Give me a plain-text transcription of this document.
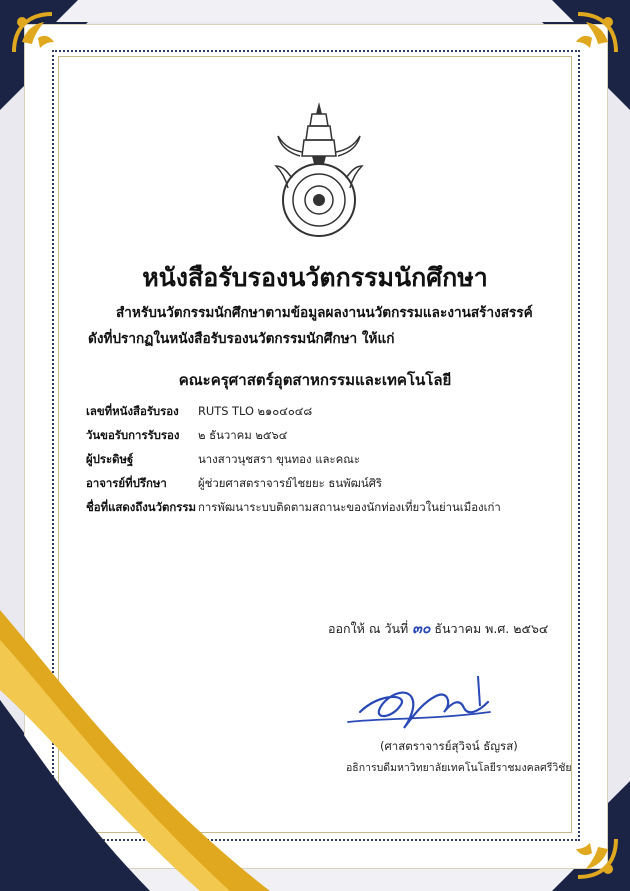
หนังสือรับรองนวัตกรรมนักศึกษา
สำหรับนวัตกรรมนักศึกษาตามข้อมูลผลงานนวัตกรรมและงานสร้างสรรค์
ดังที่ปรากฏในหนังสือรับรองนวัตกรรมนักศึกษา ให้แก่
คณะครุศาสตร์อุตสาหกรรมและเทคโนโลยี
เลขที่หนังสือรับรอง RUTS TLO ๒๑๐๔๐๔๘
วันขอรับการรับรอง ๒ ธันวาคม ๒๕๖๔
ผู้ประดิษฐ์	นางสาวนุชสรา ขุนทอง และคณะ
อาจารย์ที่ปรึกษา	ผู้ช่วยศาสตราจารย์ไชยยะ ธนพัฒน์ศิริ
ชื่อที่แสดงถึงนวัตกรรม การพัฒนาระบบติดตามสถานะของนักท่องเที่ยวในย่านเมืองเก่า
ออกให้ ณ วันที่ ๓๐ ธันวาคม พ.ศ. ๒๕๖๔
(ศาสตราจารย์สุวิจน์ ธัญรส)
อธิการบดีมหาวิทยาลัยเทคโนโลยีราชมงคลศรีวิชัย
